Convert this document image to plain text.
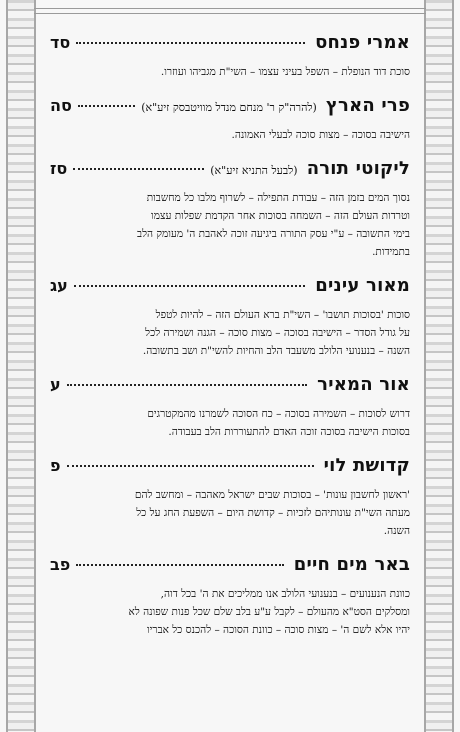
אמרי פנחס
סד
סוכת דוד הנופלת – השפל בעיני עצמו – השי"ת מגביהו ועוזרו.
פרי הארץ (להרה"ק ר' מנחם מנדל מוויטבסק זיע"א)
סה
הישיבה בסוכה – מצות סוכה לבעלי האמונה.
ליקוטי תורה (לבעל התניא זיע"א)
סז
נסוך המים בזמן הזה – עבודת התפילה – לשרוף מלבו כל מחשבות
וטרדות העולם הזה – השמחה בסוכות אחר הקדמת שפלות עצמו
בימי התשובה – ע"י עסק התורה ביגיעה זוכה לאהבת ה' מעומק הלב
בתמידות.
מאור עינים
עג
סוכות 'בסוכות תושבו' – השי"ת ברא העולם הזה – להיות לטפל
על גודל הסדר – הישיבה בסוכה – מצות סוכה – הגנה ושמירה לכל
השנה – בנענועי הלולב משעבד הלב והחיות להשי"ת ושב בתשובה.
אור המאיר
ע
דרוש לסוכות – השמירה בסוכה – כח הסוכה לשמרנו מהמקטרגים
בסוכות הישיבה בסוכה זוכה האדם להתעוררות הלב בעבודה.
קדושת לוי
פ
'ראשון לחשבון עונות' – בסוכות שבים ישראל מאהבה – ומחשב להם
מעתה השי"ת עונותיהם לזכיות – קדושת היום – השפעת החג על כל
השנה.
באר מים חיים
פב
כוונת הנענועים – בנענועי הלולב אנו ממליכים את ה' בכל דוה,
ומסלקים הסט"א מהעולם – לקבל ע"ע בלב שלם שכל פנות שפונה לא
יהיו אלא לשם ה' – מצות סוכה – כוונת הסוכה – להכנס כל אבריו
